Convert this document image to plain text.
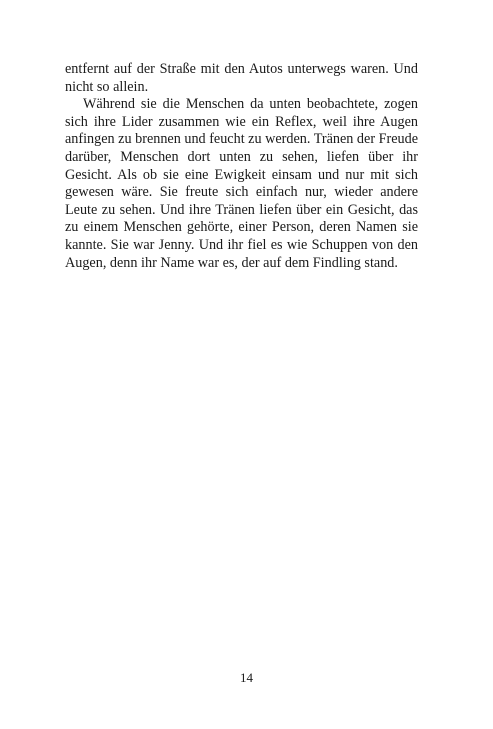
entfernt auf der Straße mit den Autos unterwegs waren. Und nicht so allein.

Während sie die Menschen da unten beobachtete, zogen sich ihre Lider zusammen wie ein Reflex, weil ihre Augen anfingen zu brennen und feucht zu werden. Tränen der Freude darüber, Menschen dort unten zu sehen, liefen über ihr Gesicht. Als ob sie eine Ewigkeit einsam und nur mit sich gewesen wäre. Sie freute sich einfach nur, wieder andere Leute zu sehen. Und ihre Tränen liefen über ein Gesicht, das zu einem Menschen gehörte, einer Person, deren Namen sie kannte. Sie war Jenny. Und ihr fiel es wie Schuppen von den Augen, denn ihr Name war es, der auf dem Findling stand.

14
